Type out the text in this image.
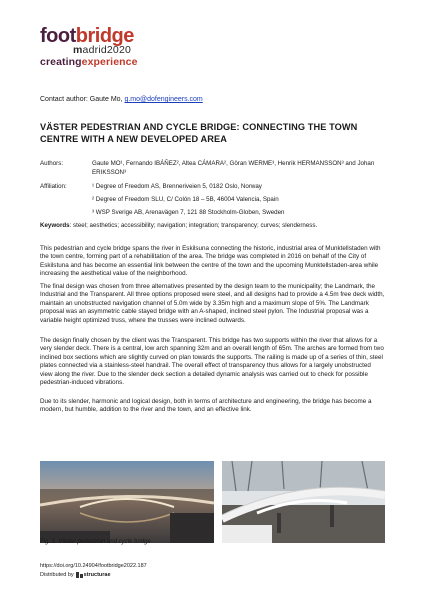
footbridge
madrid2020
creatingexperience
Contact author: Gaute Mo, g.mo@dofengineers.com
VÄSTER PEDESTRIAN AND CYCLE BRIDGE: CONNECTING THE TOWN CENTRE WITH A NEW DEVELOPED AREA
Authors:	Gaute MO¹, Fernando IBÁÑEZ², Altea CÁMARA², Göran WERME³, Henrik HERMANSSON³ and Johan ERIKSSON³
Affiliation:	¹ Degree of Freedom AS, Brenneriveien 5, 0182 Oslo, Norway
² Degree of Freedom SLU, C/ Colón 18 – 5B, 46004 Valencia, Spain
³ WSP Sverige AB, Arenavägen 7, 121 88 Stockholm-Globen, Sweden
Keywords: steel; aesthetics; accessibility; navigation; integration; transparency; curves; slenderness.
This pedestrian and cycle bridge spans the river in Eskilsuna connecting the historic, industrial area of Munktellstaden with the town centre, forming part of a rehabilitation of the area. The bridge was completed in 2016 on behalf of the City of Eskilstuna and has become an essential link between the centre of the town and the upcoming Munktellstaden-area while increasing the aesthetical value of the neighborhood.
The final design was chosen from three alternatives presented by the design team to the municipality; the Landmark, the Industrial and the Transparent. All three options proposed were steel, and all designs had to provide a 4.5m free deck width, maintain an unobstructed navigation channel of 5.0m wide by 3.35m high and a maximum slope of 5%. The Landmark proposal was an asymmetric cable stayed bridge with an A-shaped, inclined steel pylon. The Industrial proposal was a variable height optimized truss, where the trusses were inclined outwards.
The design finally chosen by the client was the Transparent. This bridge has two supports within the river that allows for a very slender deck. There is a central, low arch spanning 32m and an overall length of 65m. The arches are formed from two inclined box sections which are slightly curved on plan towards the supports. The railing is made up of a series of thin, steel plates connected via a stainless-steel handrail. The overall effect of transparency thus allows for a largely unobstructed view along the river. Due to the slender deck section a detailed dynamic analysis was carried out to check for possible pedestrian-induced vibrations.
Due to its slender, harmonic and logical design, both in terms of architecture and engineering, the bridge has become a modern, but humble, addition to the river and the town, and an effective link.
Fig. 1. Väster pedestrian and cycle bridge
https://doi.org/10.24904/footbridge2022.187
Distributed by structurae
